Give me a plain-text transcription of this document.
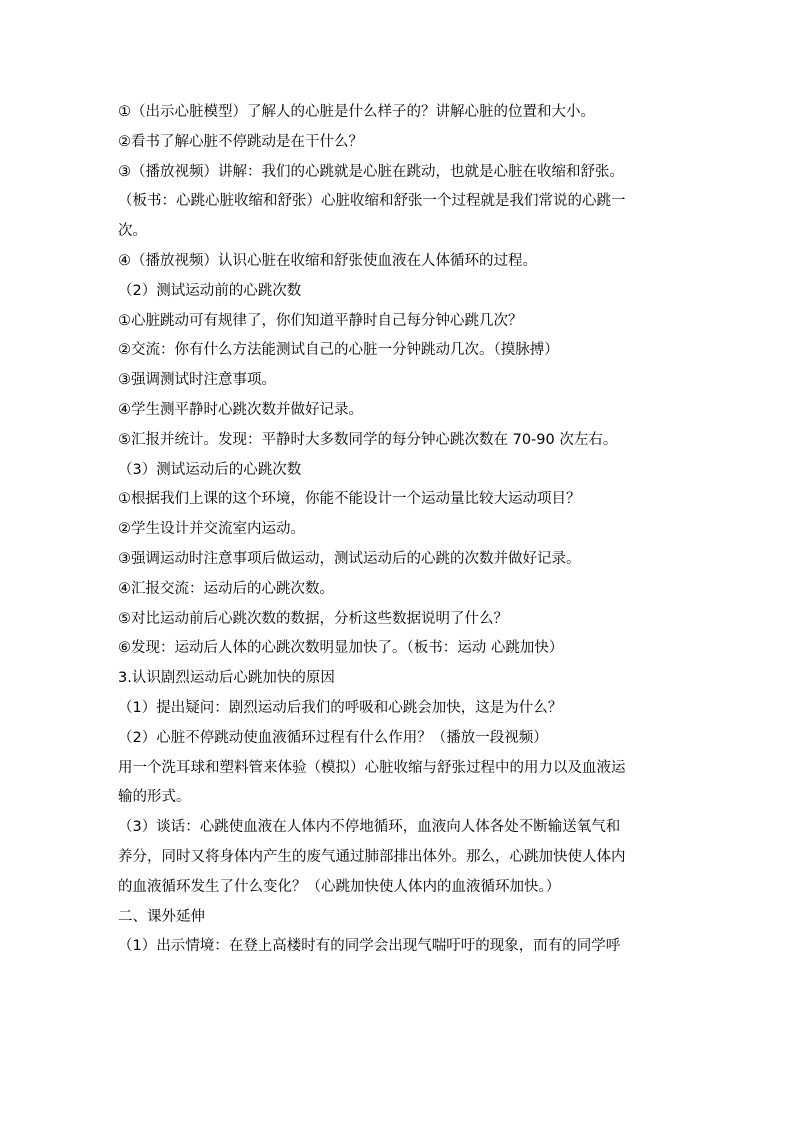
①（出示心脏模型）了解人的心脏是什么样子的？讲解心脏的位置和大小。
②看书了解心脏不停跳动是在干什么？
③（播放视频）讲解：我们的心跳就是心脏在跳动，也就是心脏在收缩和舒张。
（板书：心跳心脏收缩和舒张）心脏收缩和舒张一个过程就是我们常说的心跳一
次。
④（播放视频）认识心脏在收缩和舒张使血液在人体循环的过程。
（2）测试运动前的心跳次数
①心脏跳动可有规律了，你们知道平静时自己每分钟心跳几次？
②交流：你有什么方法能测试自己的心脏一分钟跳动几次。（摸脉搏）
③强调测试时注意事项。
④学生测平静时心跳次数并做好记录。
⑤汇报并统计。发现：平静时大多数同学的每分钟心跳次数在 70-90 次左右。
（3）测试运动后的心跳次数
①根据我们上课的这个环境，你能不能设计一个运动量比较大运动项目？
②学生设计并交流室内运动。
③强调运动时注意事项后做运动，测试运动后的心跳的次数并做好记录。
④汇报交流：运动后的心跳次数。
⑤对比运动前后心跳次数的数据，分析这些数据说明了什么？
⑥发现：运动后人体的心跳次数明显加快了。（板书：运动 心跳加快）
3.认识剧烈运动后心跳加快的原因
（1）提出疑问：剧烈运动后我们的呼吸和心跳会加快，这是为什么？
（2）心脏不停跳动使血液循环过程有什么作用？（播放一段视频）
用一个洗耳球和塑料管来体验（模拟）心脏收缩与舒张过程中的用力以及血液运
输的形式。
（3）谈话：心跳使血液在人体内不停地循环，血液向人体各处不断输送氧气和
养分，同时又将身体内产生的废气通过肺部排出体外。那么，心跳加快使人体内
的血液循环发生了什么变化？（心跳加快使人体内的血液循环加快。）
二、课外延伸
（1）出示情境：在登上高楼时有的同学会出现气喘吁吁的现象，而有的同学呼
